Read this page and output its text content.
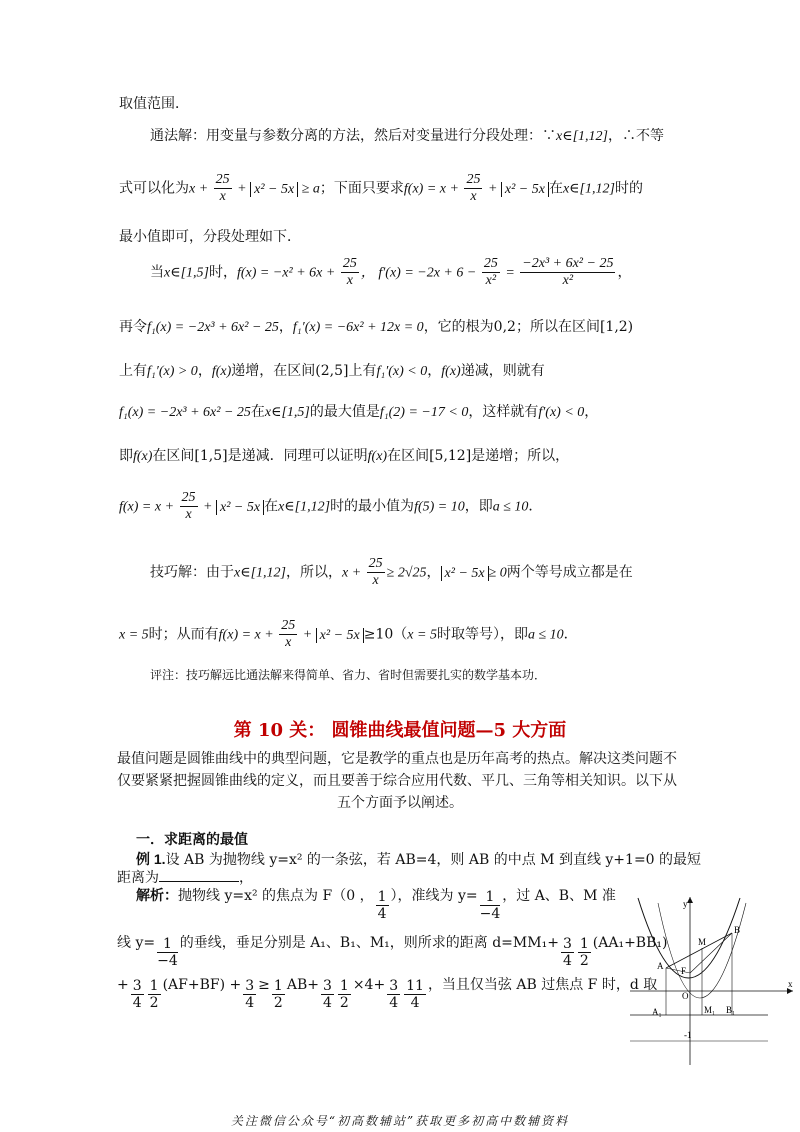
取值范围．
通法解：用变量与参数分离的方法，然后对变量进行分段处理：∵x∈[1,12]，∴不等
式可以化为$x + \frac{25}{x} + x^2 - 5x \ge a$；下面只要求$f(x) = x + \frac{25}{x} + x^2 - 5x$ 在x∈[1,12]时的
最小值即可，分段处理如下．
当x∈[1,5]时，$f(x) = -x^2 + 6x + \frac{25}{x}$ ， $f'(x) = -2x + 6 - \frac{25}{\text{x²}} = \frac{\text{−2x³ + 6x² − 25}}{\text{x²}}$ ，
再令f₁(x) = −2x³ + 6x² − 25，f₁′(x) = −6x² + 12x = 0，它的根为0,2；所以在区间[1,2)
上有f₁′(x) > 0，f(x)递增，在区间(2,5]上有f₁′(x) < 0，f(x)递减，则就有
f₁(x) = −2x³ + 6x² − 25在x∈[1,5]的最大值是f₁(2) = −17 < 0，这样就有f′(x) < 0，
即f(x)在区间[1,5]是递减．同理可以证明f(x)在区间[5,12]是递增；所以，
$f(x) = x + \frac{25}{x} + x^2 - 5x$ 在x∈[1,12]时的最小值为f(5) = 10，即a ≤ 10．
技巧解：由于x∈[1,12]，所以，$x + \frac{25}{x} \ge 2√25$， x² − 5x ≥ 0两个等号成立都是在
x = 5时；从而有$f(x) = x + \frac{25}{x} + x^2 - 5x \ge 10(x = 5$时取等号），即a ≤ 10．
评注：技巧解远比通法解来得简单、省力、省时但需要扎实的数学基本功．
第 10 关： 圆锥曲线最值问题—5 大方面
最值问题是圆锥曲线中的典型问题，它是教学的重点也是历年高考的热点。解决这类问题不
仅要紧紧把握圆锥曲线的定义，而且要善于综合应用代数、平几、三角等相关知识。以下从
五个方面予以阐述。
一．求距离的最值
例 1.设 AB 为抛物线 y=x² 的一条弦，若 AB=4，则 AB 的中点 M 到直线 y+1=0 的最短
距离为	，
解析：抛物线 y=x² 的焦点为 F（0 ， $\frac{1}{4}$ ），准线为 $y= \frac{1}{-4}$ ，过 A、B、M 准
线 $y= \frac{1}{-4}$ 的垂线，垂足分别是 A₁、B₁、M₁，则所求的距离 $d=MM_1+ \frac{3}{4} \frac{1}{2} (AA_1+BB_1)$
+ $\frac{3}{4} \frac{1}{2} (AF+BF) + \frac{3}{4} \ge \frac{1}{2} AB+ \frac{3}{4} \frac{1}{2} \times 4+ \frac{3}{4} \frac{11}{4}$ ，当且仅当弦 AB 过焦点 F 时，d 取
y
x
A
B
M
F
O
A₁	M₁ B₁
-1
关注微信公众号“初高数辅站”获取更多初高中数辅资料
